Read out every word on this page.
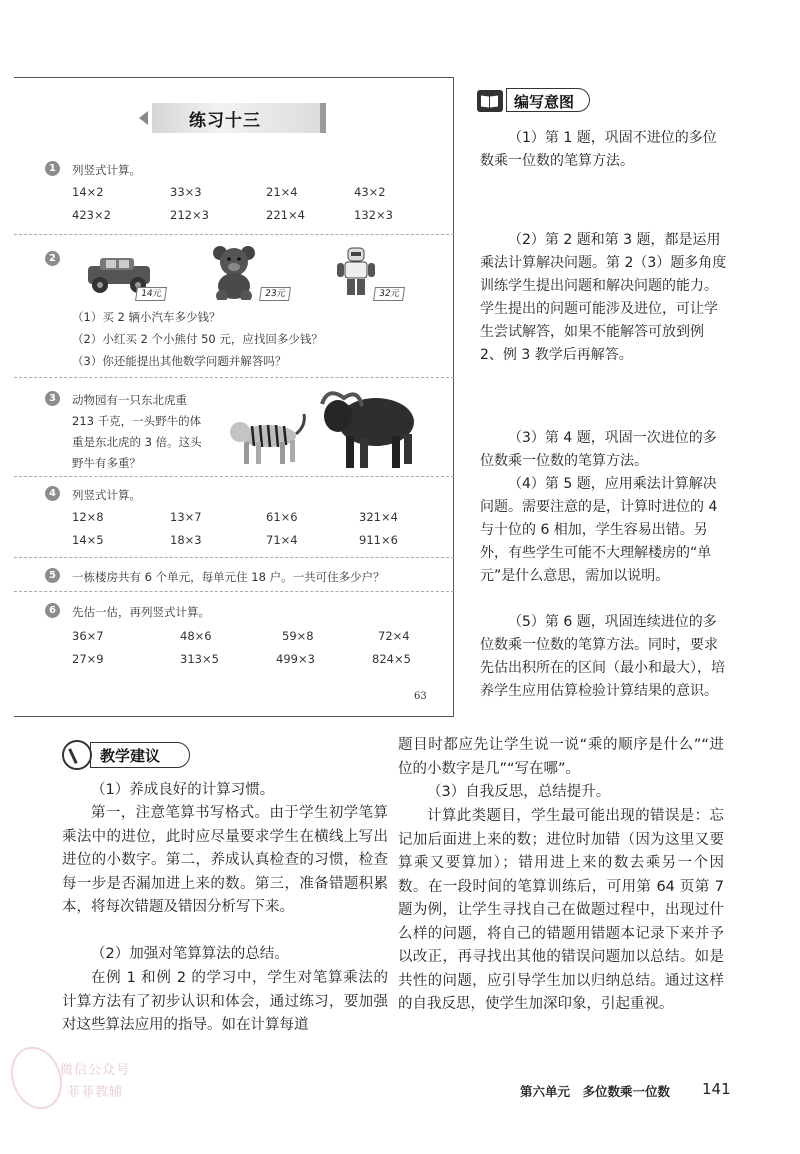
练习十三
1	列竖式计算。
14×2	33×3	21×4	43×2
423×2	212×3	221×4	132×3
2
14元	23元	32元
（1）买 2 辆小汽车多少钱？
（2）小红买 2 个小熊付 50 元，应找回多少钱？
（3）你还能提出其他数学问题并解答吗？
3	动物园有一只东北虎重
213 千克，一头野牛的体
重是东北虎的 3 倍。这头
野牛有多重？
4	列竖式计算。
12×8	13×7	61×6	321×4
14×5	18×3	71×4	911×6
5	一栋楼房共有 6 个单元，每单元住 18 户。一共可住多少户？
6	先估一估，再列竖式计算。
36×7	48×6	59×8	72×4
27×9	313×5	499×3	824×5
63
编写意图
（1）第 1 题，巩固不进位的多位数乘一位数的笔算方法。
（2）第 2 题和第 3 题，都是运用乘法计算解决问题。第 2（3）题多角度训练学生提出问题和解决问题的能力。学生提出的问题可能涉及进位，可让学生尝试解答，如果不能解答可放到例 2、例 3 教学后再解答。
（3）第 4 题，巩固一次进位的多位数乘一位数的笔算方法。
（4）第 5 题，应用乘法计算解决问题。需要注意的是，计算时进位的 4 与十位的 6 相加，学生容易出错。另外，有些学生可能不大理解楼房的“单元”是什么意思，需加以说明。
（5）第 6 题，巩固连续进位的多位数乘一位数的笔算方法。同时，要求先估出积所在的区间（最小和最大），培养学生应用估算检验计算结果的意识。
教学建议
（1）养成良好的计算习惯。
第一，注意笔算书写格式。由于学生初学笔算乘法中的进位，此时应尽量要求学生在横线上写出进位的小数字。第二，养成认真检查的习惯，检查每一步是否漏加进上来的数。第三，准备错题积累本，将每次错题及错因分析写下来。
（2）加强对笔算算法的总结。
在例 1 和例 2 的学习中，学生对笔算乘法的计算方法有了初步认识和体会，通过练习，要加强对这些算法应用的指导。如在计算每道
题目时都应先让学生说一说“乘的顺序是什么”“进位的小数字是几”“写在哪”。
（3）自我反思，总结提升。
计算此类题目，学生最可能出现的错误是：忘记加后面进上来的数；进位时加错（因为这里又要算乘又要算加）；错用进上来的数去乘另一个因数。在一段时间的笔算训练后，可用第 64 页第 7 题为例，让学生寻找自己在做题过程中，出现过什么样的问题，将自己的错题用错题本记录下来并予以改正，再寻找出其他的错误问题加以总结。如是共性的问题，应引导学生加以归纳总结。通过这样的自我反思，使学生加深印象，引起重视。
第六单元　多位数乘一位数 141
微信公众号
菲菲教辅
